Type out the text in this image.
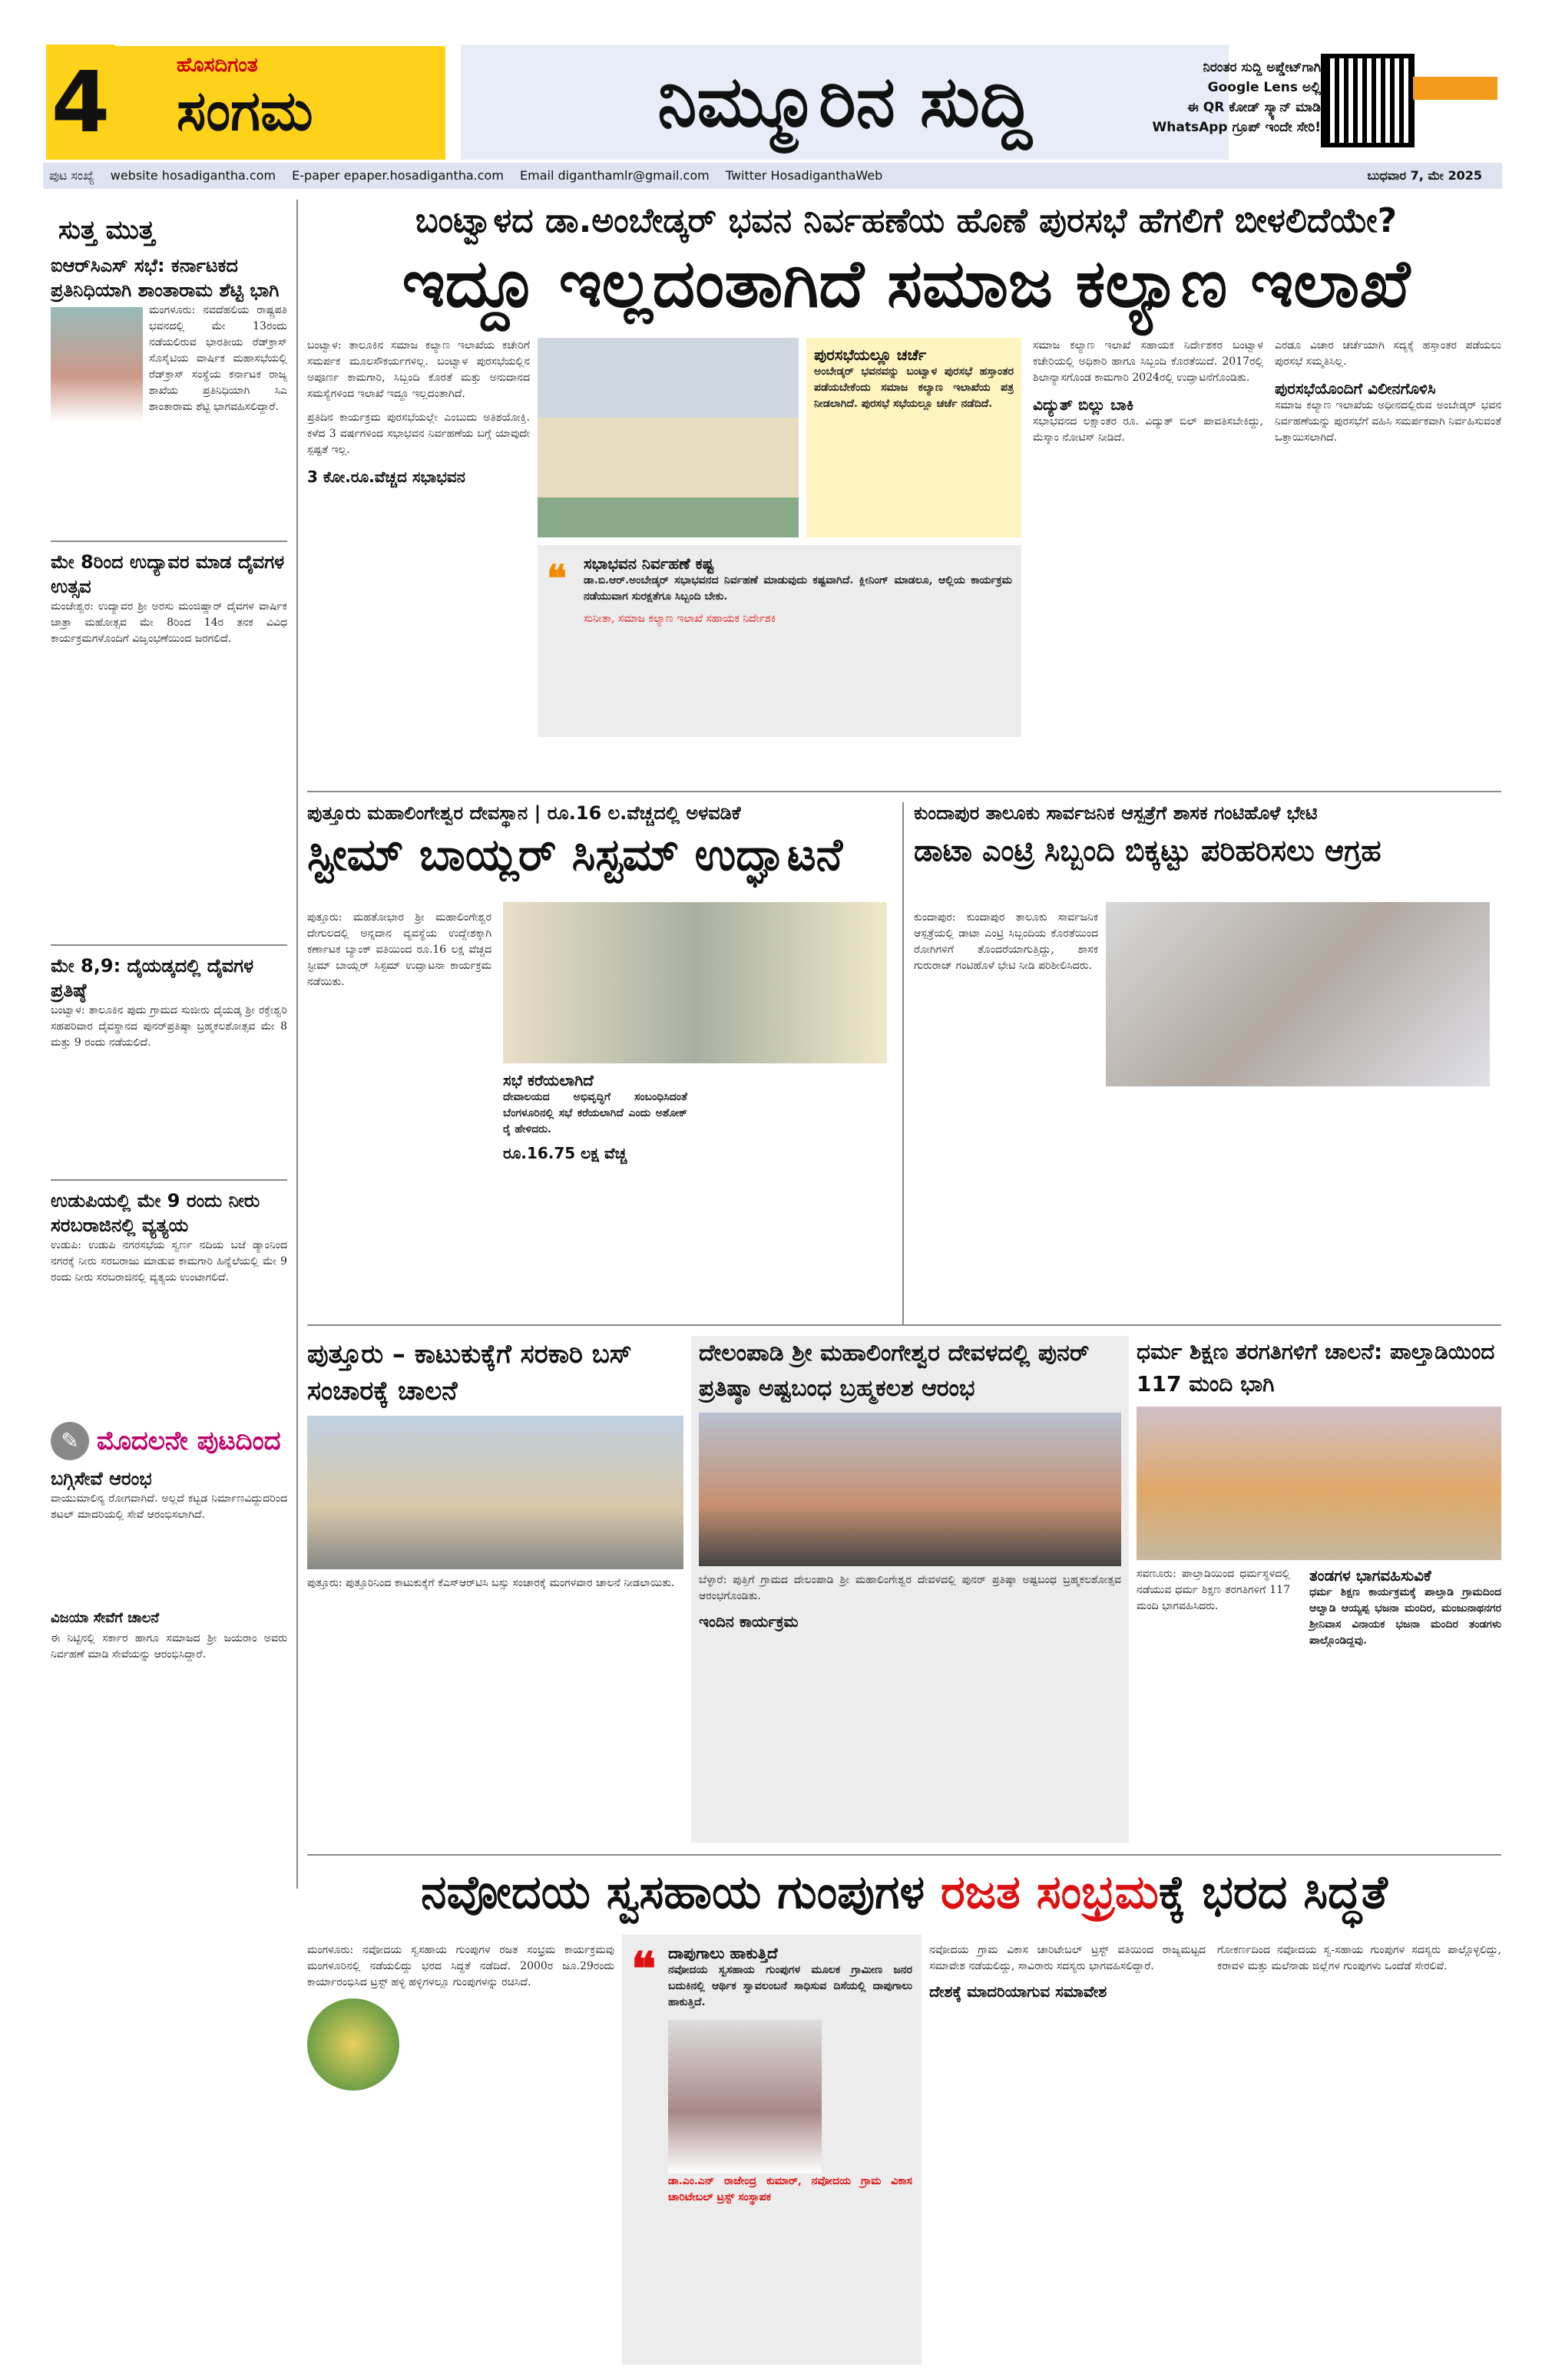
4	ಹೊಸದಿಗಂತ
ಸಂಗಮ	ನಿಮ್ಮೂರಿನ ಸುದ್ದಿ	ನಿರಂತರ ಸುದ್ದಿ ಅಪ್ಡೇಟ್‌ಗಾಗಿ
Google Lens ಅಲ್ಲಿ
ಈ QR ಕೋಡ್ ಸ್ಕ್ಯಾನ್ ಮಾಡಿ
WhatsApp ಗ್ರೂಪ್ ಇಂದೇ ಸೇರಿ!
ಪುಟ ಸಂಖ್ಯೆ website hosadigantha.com E-paper epaper.hosadigantha.com Email diganthamlr@gmail.com Twitter HosadiganthaWeb	ಬುಧವಾರ 7, ಮೇ 2025
ಸುತ್ತ ಮುತ್ತ
ಐಆರ್‌ಸಿಎಸ್ ಸಭೆ: ಕರ್ನಾಟಕದ ಪ್ರತಿನಿಧಿಯಾಗಿ ಶಾಂತಾರಾಮ ಶೆಟ್ಟಿ ಭಾಗಿ
ಮಂಗಳೂರು: ನವದೆಹಲಿಯ ರಾಷ್ಟ್ರಪತಿ ಭವನದಲ್ಲಿ ಮೇ 13ರಂದು ನಡೆಯಲಿರುವ ಭಾರತೀಯ ರೆಡ್‌ಕ್ರಾಸ್ ಸೊಸೈಟಿಯ ವಾರ್ಷಿಕ ಮಹಾಸಭೆಯಲ್ಲಿ ರೆಡ್‌ಕ್ರಾಸ್ ಸಂಸ್ಥೆಯ ಕರ್ನಾಟಕ ರಾಜ್ಯ ಶಾಖೆಯ ಪ್ರತಿನಿಧಿಯಾಗಿ ಸಿಎ ಶಾಂತಾರಾಮ ಶೆಟ್ಟಿ ಭಾಗವಹಿಸಲಿದ್ದಾರೆ.
ಮೇ 8ರಿಂದ ಉದ್ಯಾವರ ಮಾಡ ದೈವಗಳ ಉತ್ಸವ
ಮಂಜೇಶ್ವರ: ಉದ್ಯಾವರ ಶ್ರೀ ಅರಸು ಮಂಜಿಷ್ಣಾರ್ ದೈವಗಳ ವಾರ್ಷಿಕ ಜಾತ್ರಾ ಮಹೋತ್ಸವ ಮೇ 8ರಿಂದ 14ರ ತನಕ ವಿವಿಧ ಕಾರ್ಯಕ್ರಮಗಳೊಂದಿಗೆ ವಿಜೃಂಭಣೆಯಿಂದ ಜರಗಲಿದೆ.
ಮೇ 8,9: ದೈಯಡ್ಕದಲ್ಲಿ ದೈವಗಳ ಪ್ರತಿಷ್ಠೆ
ಬಂಟ್ವಾಳ: ತಾಲೂಕಿನ ಪುದು ಗ್ರಾಮದ ಸುಜೀರು ದೈಯಡ್ಕ ಶ್ರೀ ರಕ್ತೇಶ್ವರಿ ಸಹಪರಿವಾರ ದೈವಸ್ಥಾನದ ಪುನರ್‌ಪ್ರತಿಷ್ಠಾ ಬ್ರಹ್ಮಕಲಶೋತ್ಸವ ಮೇ 8 ಮತ್ತು 9 ರಂದು ನಡೆಯಲಿದೆ.
ಉಡುಪಿಯಲ್ಲಿ ಮೇ 9 ರಂದು ನೀರು ಸರಬರಾಜಿನಲ್ಲಿ ವ್ಯತ್ಯಯ
ಉಡುಪಿ: ಉಡುಪಿ ನಗರಸಭೆಯ ಸ್ವರ್ಣ ನದಿಯ ಬಜೆ ಡ್ಯಾಂನಿಂದ ನಗರಕ್ಕೆ ನೀರು ಸರಬರಾಜು ಮಾಡುವ ಕಾಮಗಾರಿ ಹಿನ್ನೆಲೆಯಲ್ಲಿ ಮೇ 9 ರಂದು ನೀರು ಸರಬರಾಜಿನಲ್ಲಿ ವ್ಯತ್ಯಯ ಉಂಟಾಗಲಿದೆ.
✎ ಮೊದಲನೇ ಪುಟದಿಂದ
ಬಗ್ಗಿಸೇವೆ ಆರಂಭ
ವಾಯುಮಾಲಿನ್ಯ ರೋಗವಾಗಿದೆ. ಅಲ್ಲದೆ ಕಟ್ಟಡ ನಿರ್ಮಾಣವಿದ್ದುದರಿಂದ ಶಟಲ್ ಮಾದರಿಯಲ್ಲಿ ಸೇವೆ ಆರಂಭಿಸಲಾಗಿದೆ.
ವಿಜಯಾ ಸೇವೆಗೆ ಚಾಲನೆ
ಈ ನಿಟ್ಟಿನಲ್ಲಿ ಸರ್ಕಾರ ಹಾಗೂ ಸಮಾಜದ ಶ್ರೀ ಜಯರಾಂ ಅವರು ನಿರ್ವಹಣೆ ಮಾಡಿ ಸೇವೆಯನ್ನು ಆರಂಭಿಸಿದ್ದಾರೆ.
ಬಂಟ್ವಾಳದ ಡಾ.ಅಂಬೇಡ್ಕರ್ ಭವನ ನಿರ್ವಹಣೆಯ ಹೊಣೆ ಪುರಸಭೆ ಹೆಗಲಿಗೆ ಬೀಳಲಿದೆಯೇ?
ಇದ್ದೂ ಇಲ್ಲದಂತಾಗಿದೆ ಸಮಾಜ ಕಲ್ಯಾಣ ಇಲಾಖೆ
ಬಂಟ್ವಾಳ: ತಾಲೂಕಿನ ಸಮಾಜ ಕಲ್ಯಾಣ ಇಲಾಖೆಯ ಕಚೇರಿಗೆ ಸಮರ್ಪಕ ಮೂಲಸೌಕರ್ಯಗಳಿಲ್ಲ. ಬಂಟ್ವಾಳ ಪುರಸಭೆಯಲ್ಲಿನ ಅಪೂರ್ಣ ಕಾಮಗಾರಿ, ಸಿಬ್ಬಂದಿ ಕೊರತೆ ಮತ್ತು ಅನುದಾನದ ಸಮಸ್ಯೆಗಳಿಂದ ಇಲಾಖೆ ಇದ್ದೂ ಇಲ್ಲದಂತಾಗಿದೆ.
ಪ್ರತಿದಿನ ಕಾರ್ಯಕ್ರಮ ಪುರಸಭೆಯಲ್ಲೇ ಎಂಬುದು ಅತಿಶಯೋಕ್ತಿ. ಕಳೆದ 3 ವರ್ಷಗಳಿಂದ ಸಭಾಭವನ ನಿರ್ವಹಣೆಯ ಬಗ್ಗೆ ಯಾವುದೇ ಸ್ಪಷ್ಟತೆ ಇಲ್ಲ.
3 ಕೋ.ರೂ.ವೆಚ್ಚದ ಸಭಾಭವನ
ಪುರಸಭೆಯಲ್ಲೂ ಚರ್ಚೆ
ಅಂಬೇಡ್ಕರ್ ಭವನವನ್ನು ಬಂಟ್ವಾಳ ಪುರಸಭೆ ಹಸ್ತಾಂತರ ಪಡೆಯಬೇಕೆಂದು ಸಮಾಜ ಕಲ್ಯಾಣ ಇಲಾಖೆಯ ಪತ್ರ ನೀಡಲಾಗಿದೆ. ಪುರಸಭೆ ಸಭೆಯಲ್ಲೂ ಚರ್ಚೆ ನಡೆದಿದೆ.
❝ ಸಭಾಭವನ ನಿರ್ವಹಣೆ ಕಷ್ಟ
ಡಾ.ಬಿ.ಆರ್.ಅಂಬೇಡ್ಕರ್ ಸಭಾಭವನದ ನಿರ್ವಹಣೆ ಮಾಡುವುದು ಕಷ್ಟವಾಗಿದೆ. ಕ್ಲೀನಿಂಗ್ ಮಾಡಲೂ, ಆಲ್ಲಿಯ ಕಾರ್ಯಕ್ರಮ ನಡೆಯುವಾಗ ಸುರಕ್ಷತೆಗೂ ಸಿಬ್ಬಂದಿ ಬೇಕು.
ಸುನೀತಾ, ಸಮಾಜ ಕಲ್ಯಾಣ ಇಲಾಖೆ ಸಹಾಯಕ ನಿರ್ದೇಶಕಿ
ಸಮಾಜ ಕಲ್ಯಾಣ ಇಲಾಖೆ ಸಹಾಯಕ ನಿರ್ದೇಶಕರ ಬಂಟ್ವಾಳ ಕಚೇರಿಯಲ್ಲಿ ಅಧಿಕಾರಿ ಹಾಗೂ ಸಿಬ್ಬಂದಿ ಕೊರತೆಯಿದೆ. 2017ರಲ್ಲಿ ಶಿಲಾನ್ಯಾಸಗೊಂಡ ಕಾಮಗಾರಿ 2024ರಲ್ಲಿ ಉದ್ಘಾಟನೆಗೊಂಡಿತು.
ವಿದ್ಯುತ್ ಬಿಲ್ಲು ಬಾಕಿ
ಸಭಾಭವನದ ಲಕ್ಷಾಂತರ ರೂ. ವಿದ್ಯುತ್ ಬಿಲ್ ಪಾವತಿಸಬೇಕಿದ್ದು, ಮೆಸ್ಕಾಂ ನೋಟಿಸ್ ನೀಡಿದೆ.
ಎರಡೂ ವಿಚಾರ ಚರ್ಚೆಯಾಗಿ ಸದ್ಯಕ್ಕೆ ಹಸ್ತಾಂತರ ಪಡೆಯಲು ಪುರಸಭೆ ಸಮ್ಮತಿಸಿಲ್ಲ.
ಪುರಸಭೆಯೊಂದಿಗೆ ವಿಲೀನಗೊಳಿಸಿ
ಸಮಾಜ ಕಲ್ಯಾಣ ಇಲಾಖೆಯ ಅಧೀನದಲ್ಲಿರುವ ಅಂಬೇಡ್ಕರ್ ಭವನ ನಿರ್ವಹಣೆಯನ್ನು ಪುರಸಭೆಗೆ ವಹಿಸಿ ಸಮರ್ಪಕವಾಗಿ ನಿರ್ವಹಿಸುವಂತೆ ಒತ್ತಾಯಿಸಲಾಗಿದೆ.
ಪುತ್ತೂರು ಮಹಾಲಿಂಗೇಶ್ವರ ದೇವಸ್ಥಾನ | ರೂ.16 ಲ.ವೆಚ್ಚದಲ್ಲಿ ಅಳವಡಿಕೆ
ಸ್ಟೀಮ್ ಬಾಯ್ಲರ್ ಸಿಸ್ಟಮ್ ಉದ್ಘಾಟನೆ
ಪುತ್ತೂರು: ಮಹತೋಭಾರ ಶ್ರೀ ಮಹಾಲಿಂಗೇಶ್ವರ ದೇಗುಲದಲ್ಲಿ ಅನ್ನದಾನ ವ್ಯವಸ್ಥೆಯ ಉದ್ದೇಶಕ್ಕಾಗಿ ಕರ್ಣಾಟಕ ಬ್ಯಾಂಕ್ ವತಿಯಿಂದ ರೂ.16 ಲಕ್ಷ ವೆಚ್ಚದ ಸ್ಟೀಮ್ ಬಾಯ್ಲರ್ ಸಿಸ್ಟಮ್ ಉದ್ಘಾಟನಾ ಕಾರ್ಯಕ್ರಮ ನಡೆಯಿತು.
ಸಭೆ ಕರೆಯಲಾಗಿದೆ
ದೇವಾಲಯದ ಅಭಿವೃದ್ಧಿಗೆ ಸಂಬಂಧಿಸಿದಂತೆ ಬೆಂಗಳೂರಿನಲ್ಲಿ ಸಭೆ ಕರೆಯಲಾಗಿದೆ ಎಂದು ಅಶೋಕ್ ರೈ ಹೇಳಿದರು.
ರೂ.16.75 ಲಕ್ಷ ವೆಚ್ಚ
ಕುಂದಾಪುರ ತಾಲೂಕು ಸಾರ್ವಜನಿಕ ಆಸ್ಪತ್ರೆಗೆ ಶಾಸಕ ಗಂಟಿಹೊಳೆ ಭೇಟಿ
ಡಾಟಾ ಎಂಟ್ರಿ ಸಿಬ್ಬಂದಿ ಬಿಕ್ಕಟ್ಟು ಪರಿಹರಿಸಲು ಆಗ್ರಹ
ಕುಂದಾಪುರ: ಕುಂದಾಪುರ ತಾಲೂಕು ಸಾರ್ವಜನಿಕ ಆಸ್ಪತ್ರೆಯಲ್ಲಿ ಡಾಟಾ ಎಂಟ್ರಿ ಸಿಬ್ಬಂದಿಯ ಕೊರತೆಯಿಂದ ರೋಗಿಗಳಿಗೆ ತೊಂದರೆಯಾಗುತ್ತಿದ್ದು, ಶಾಸಕ ಗುರುರಾಜ್ ಗಂಟಿಹೊಳೆ ಭೇಟಿ ನೀಡಿ ಪರಿಶೀಲಿಸಿದರು.
ಪುತ್ತೂರು – ಕಾಟುಕುಕ್ಕೆಗೆ ಸರಕಾರಿ ಬಸ್ ಸಂಚಾರಕ್ಕೆ ಚಾಲನೆ
ಪುತ್ತೂರು: ಪುತ್ತೂರಿನಿಂದ ಕಾಟುಕುಕ್ಕೆಗೆ ಕೆಎಸ್‌ಆರ್‌ಟಿಸಿ ಬಸ್ಸು ಸಂಚಾರಕ್ಕೆ ಮಂಗಳವಾರ ಚಾಲನೆ ನೀಡಲಾಯಿತು.
ದೇಲಂಪಾಡಿ ಶ್ರೀ ಮಹಾಲಿಂಗೇಶ್ವರ ದೇವಳದಲ್ಲಿ ಪುನರ್ ಪ್ರತಿಷ್ಠಾ ಅಷ್ಟಬಂಧ ಬ್ರಹ್ಮಕಲಶ ಆರಂಭ
ಬೆಳ್ಳಾರೆ: ಪುತ್ತಿಗೆ ಗ್ರಾಮದ ದೇಲಂಪಾಡಿ ಶ್ರೀ ಮಹಾಲಿಂಗೇಶ್ವರ ದೇವಳದಲ್ಲಿ ಪುನರ್ ಪ್ರತಿಷ್ಠಾ ಅಷ್ಟಬಂಧ ಬ್ರಹ್ಮಕಲಶೋತ್ಸವ ಆರಂಭಗೊಂಡಿತು.
ಇಂದಿನ ಕಾರ್ಯಕ್ರಮ
ಧರ್ಮ ಶಿಕ್ಷಣ ತರಗತಿಗಳಿಗೆ ಚಾಲನೆ: ಪಾಲ್ತಾಡಿಯಿಂದ 117 ಮಂದಿ ಭಾಗಿ
ಸವಣೂರು: ಪಾಲ್ತಾಡಿಯಿಂದ ಧರ್ಮಸ್ಥಳದಲ್ಲಿ ನಡೆಯುವ ಧರ್ಮ ಶಿಕ್ಷಣ ತರಗತಿಗಳಿಗೆ 117 ಮಂದಿ ಭಾಗವಹಿಸಿದರು.
ತಂಡಗಳ ಭಾಗವಹಿಸುವಿಕೆ
ಧರ್ಮ ಶಿಕ್ಷಣ ಕಾರ್ಯಕ್ರಮಕ್ಕೆ ಪಾಲ್ತಾಡಿ ಗ್ರಾಮದಿಂದ ಆಲ್ವಾಡಿ ಆಯ್ಯಪ್ಪ ಭಜನಾ ಮಂದಿರ, ಮಂಜುನಾಥನಗರ ಶ್ರೀನಿವಾಸ ವಿನಾಯಕ ಭಜನಾ ಮಂದಿರ ತಂಡಗಳು ಪಾಲ್ಗೊಂಡಿದ್ದವು.
ನವೋದಯ ಸ್ವಸಹಾಯ ಗುಂಪುಗಳ ರಜತ ಸಂಭ್ರಮಕ್ಕೆ ಭರದ ಸಿದ್ಧತೆ
ಮಂಗಳೂರು: ನವೋದಯ ಸ್ವಸಹಾಯ ಗುಂಪುಗಳ ರಜತ ಸಂಭ್ರಮ ಕಾರ್ಯಕ್ರಮವು ಮಂಗಳೂರಿನಲ್ಲಿ ನಡೆಯಲಿದ್ದು ಭರದ ಸಿದ್ಧತೆ ನಡೆದಿದೆ. 2000ರ ಜೂ.29ರಂದು ಕಾರ್ಯಾರಂಭಿಸಿದ ಟ್ರಸ್ಟ್ ಹಳ್ಳಿ ಹಳ್ಳಿಗಳಲ್ಲೂ ಗುಂಪುಗಳನ್ನು ರಚಿಸಿದೆ.	❝ ದಾಪುಗಾಲು ಹಾಕುತ್ತಿದೆ
ನವೋದಯ ಸ್ವಸಹಾಯ ಗುಂಪುಗಳ ಮೂಲಕ ಗ್ರಾಮೀಣ ಜನರ ಬದುಕಿನಲ್ಲಿ ಆರ್ಥಿಕ ಸ್ವಾವಲಂಬನೆ ಸಾಧಿಸುವ ದಿಸೆಯಲ್ಲಿ ದಾಪುಗಾಲು ಹಾಕುತ್ತಿದೆ.
ಡಾ.ಎಂ.ಎನ್ ರಾಜೇಂದ್ರ ಕುಮಾರ್, ನವೋದಯ ಗ್ರಾಮ ವಿಕಾಸ ಚಾರಿಟೇಬಲ್ ಟ್ರಸ್ಟ್ ಸಂಸ್ಥಾಪಕ
ನವೋದಯ ಗ್ರಾಮ ವಿಕಾಸ ಚಾರಿಟೇಬಲ್ ಟ್ರಸ್ಟ್ ವತಿಯಿಂದ ರಾಜ್ಯಮಟ್ಟದ ಸಮಾವೇಶ ನಡೆಯಲಿದ್ದು, ಸಾವಿರಾರು ಸದಸ್ಯರು ಭಾಗವಹಿಸಲಿದ್ದಾರೆ.
ದೇಶಕ್ಕೆ ಮಾದರಿಯಾಗುವ ಸಮಾವೇಶ
ಗೋಕರ್ಣದಿಂದ ನವೋದಯ ಸ್ವ-ಸಹಾಯ ಗುಂಪುಗಳ ಸದಸ್ಯರು ಪಾಲ್ಗೊಳ್ಳಲಿದ್ದು, ಕರಾವಳಿ ಮತ್ತು ಮಲೆನಾಡು ಜಿಲ್ಲೆಗಳ ಗುಂಪುಗಳು ಒಂದೆಡೆ ಸೇರಲಿವೆ.
